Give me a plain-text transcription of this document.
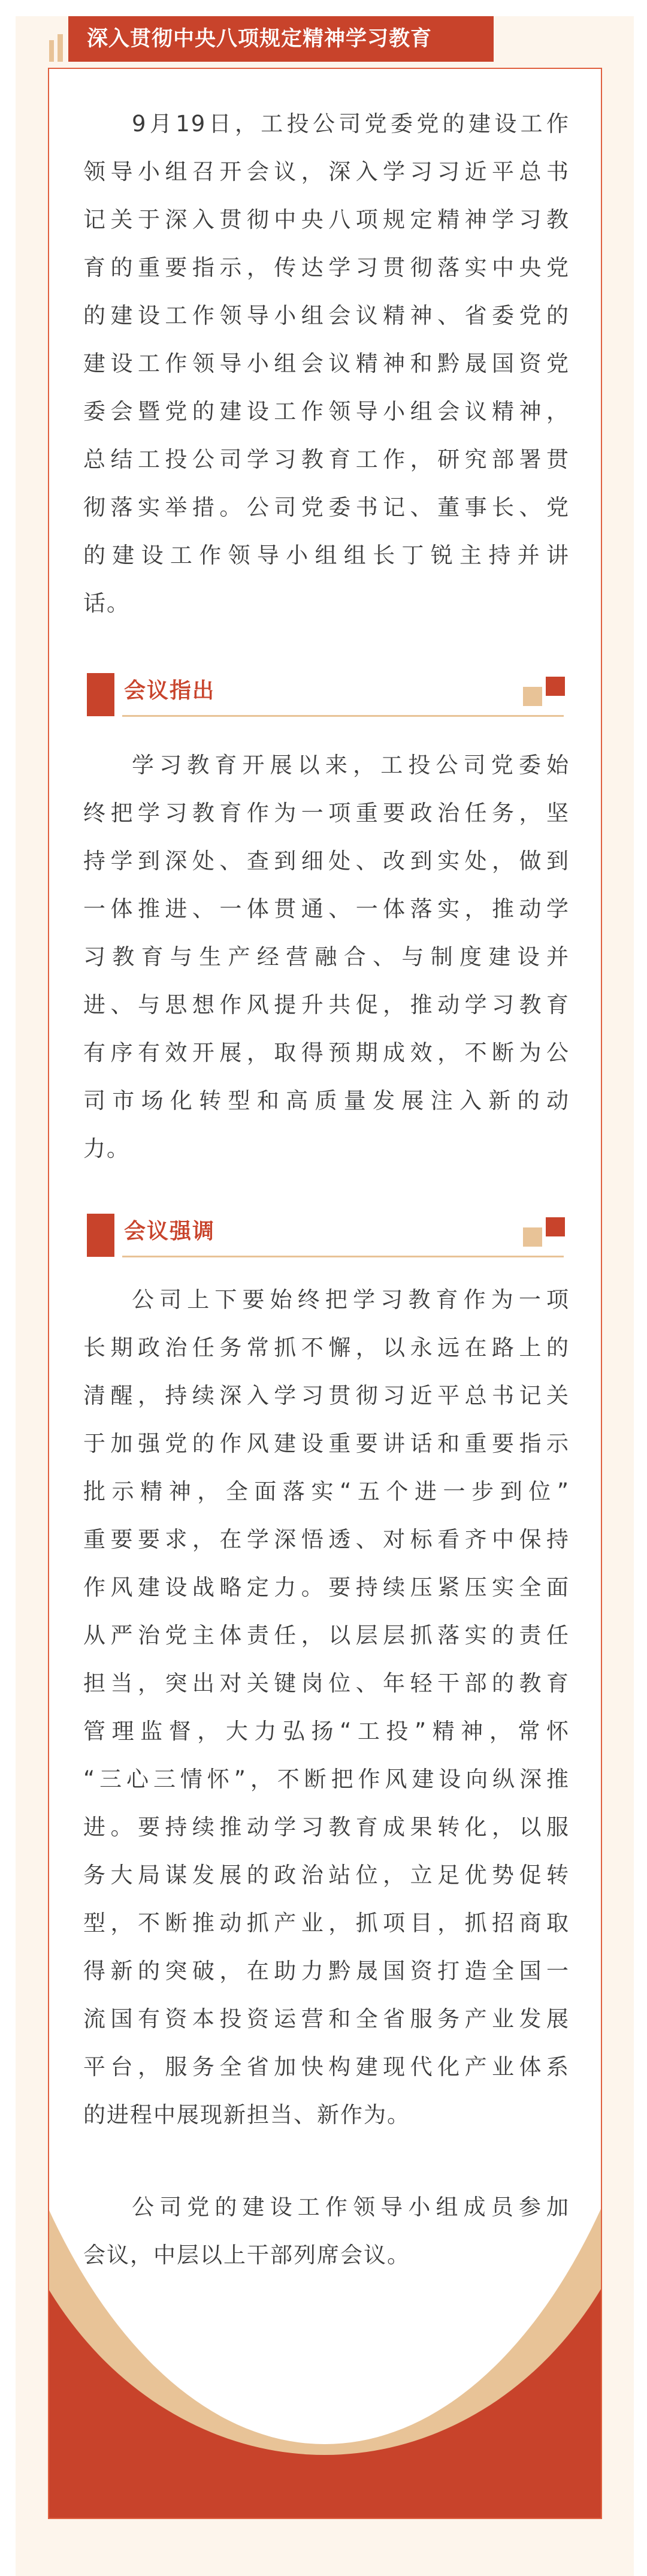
深入贯彻中央八项规定精神学习教育
9月19日，工投公司党委党的建设工作
领导小组召开会议，深入学习习近平总书
记关于深入贯彻中央八项规定精神学习教
育的重要指示，传达学习贯彻落实中央党
的建设工作领导小组会议精神、省委党的
建设工作领导小组会议精神和黔晟国资党
委会暨党的建设工作领导小组会议精神，
总结工投公司学习教育工作，研究部署贯
彻落实举措。公司党委书记、董事长、党
的建设工作领导小组组长丁锐主持并讲
话。
会议指出
学习教育开展以来，工投公司党委始
终把学习教育作为一项重要政治任务，坚
持学到深处、查到细处、改到实处，做到
一体推进、一体贯通、一体落实，推动学
习教育与生产经营融合、与制度建设并
进、与思想作风提升共促，推动学习教育
有序有效开展，取得预期成效，不断为公
司市场化转型和高质量发展注入新的动
力。
会议强调
公司上下要始终把学习教育作为一项
长期政治任务常抓不懈，以永远在路上的
清醒，持续深入学习贯彻习近平总书记关
于加强党的作风建设重要讲话和重要指示
批示精神，全面落实“五个进一步到位”
重要要求，在学深悟透、对标看齐中保持
作风建设战略定力。要持续压紧压实全面
从严治党主体责任，以层层抓落实的责任
担当，突出对关键岗位、年轻干部的教育
管理监督，大力弘扬“工投”精神，常怀
“三心三情怀”，不断把作风建设向纵深推
进。要持续推动学习教育成果转化，以服
务大局谋发展的政治站位，立足优势促转
型，不断推动抓产业，抓项目，抓招商取
得新的突破，在助力黔晟国资打造全国一
流国有资本投资运营和全省服务产业发展
平台，服务全省加快构建现代化产业体系
的进程中展现新担当、新作为。
公司党的建设工作领导小组成员参加
会议，中层以上干部列席会议。
